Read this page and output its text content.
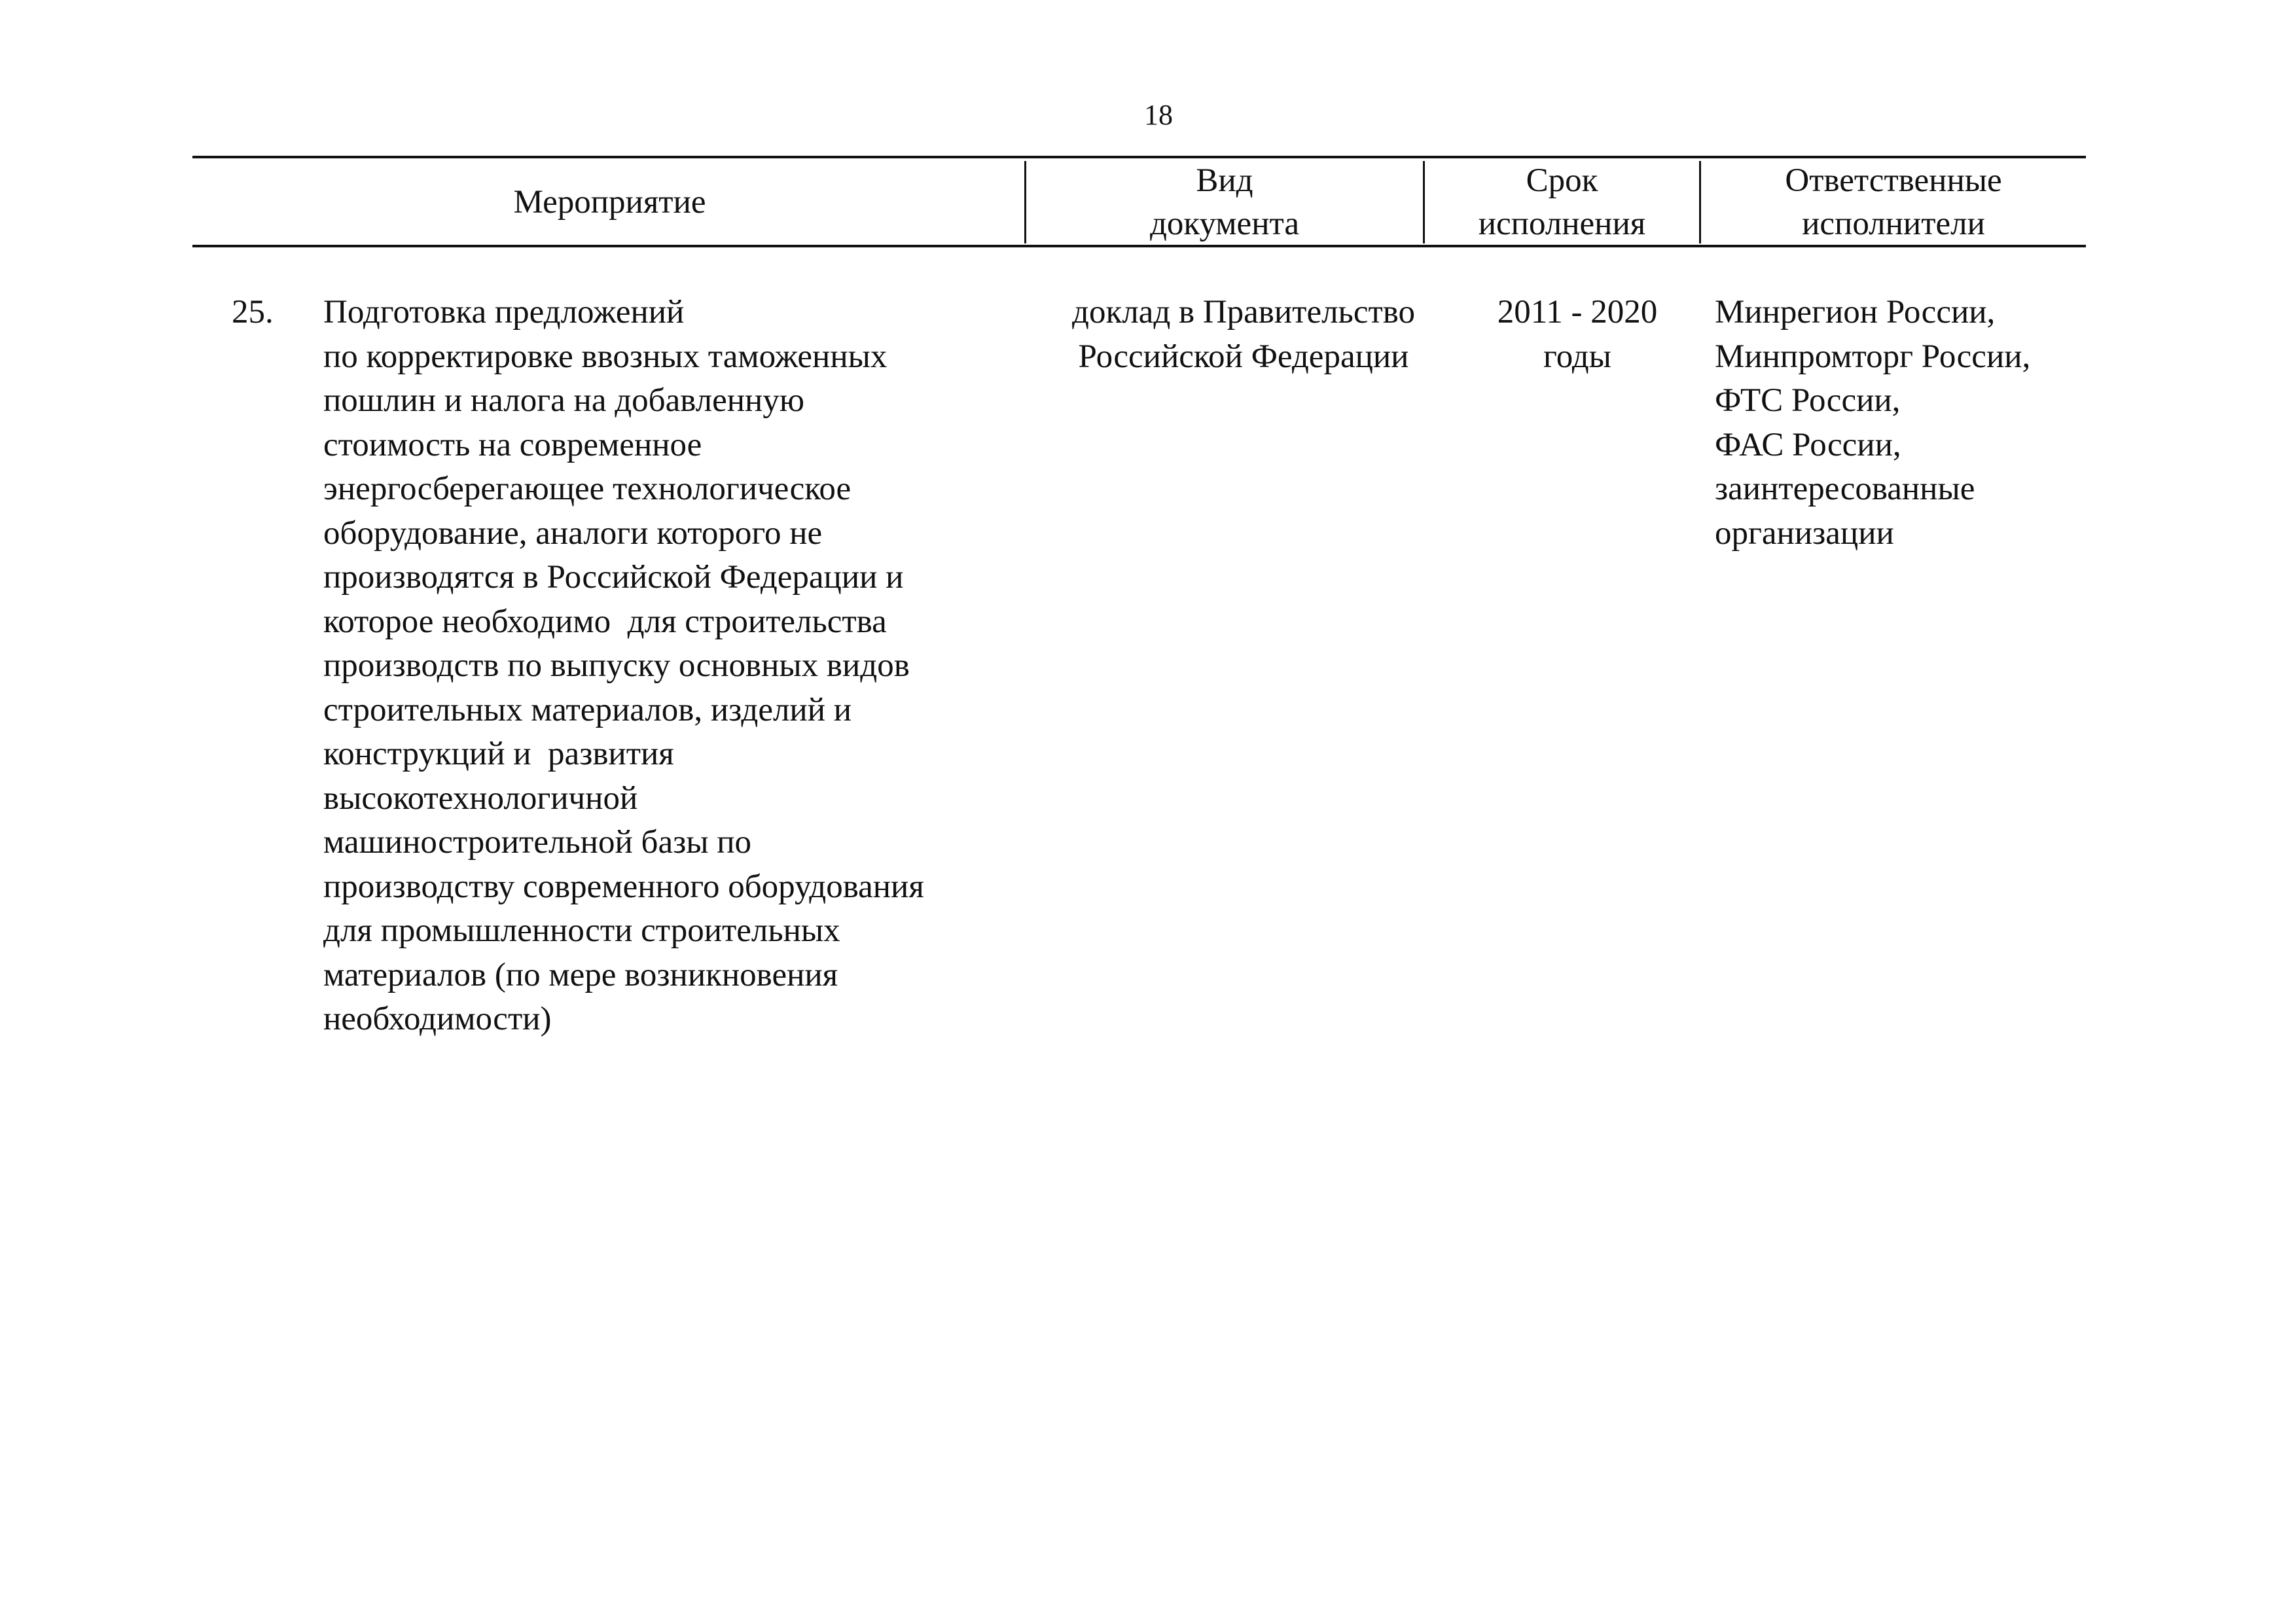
18
Мероприятие
Вид
документа
Срок
исполнения
Ответственные
исполнители
25.	Подготовка предложений
по корректировке ввозных таможенных
пошлин и налога на добавленную
стоимость на современное
энергосберегающее технологическое
оборудование, аналоги которого не
производятся в Российской Федерации и
которое необходимо  для строительства
производств по выпуску основных видов
строительных материалов, изделий и
конструкций и  развития
высокотехнологичной
машиностроительной базы по
производству современного оборудования
для промышленности строительных
материалов (по мере возникновения
необходимости)
доклад в Правительство
Российской Федерации
2011 - 2020
годы
Минрегион России,
Минпромторг России,
ФТС России,
ФАС России,
заинтересованные
организации
